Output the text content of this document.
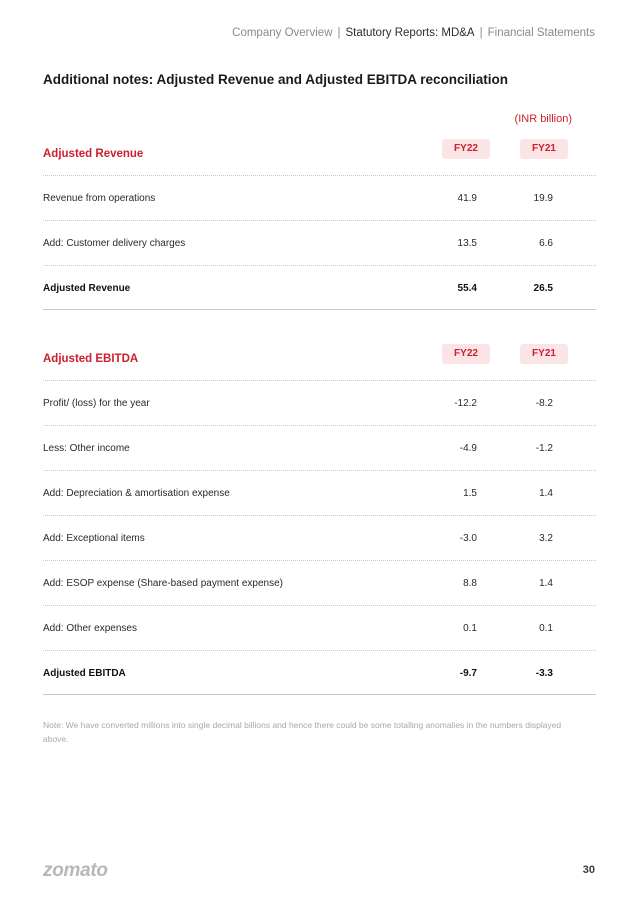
Company Overview | Statutory Reports: MD&A | Financial Statements
Additional notes: Adjusted Revenue and Adjusted EBITDA reconciliation
(INR billion)
Adjusted Revenue	FY22	FY21
Revenue from operations	41.9	19.9
Add: Customer delivery charges	13.5	6.6
Adjusted Revenue	55.4	26.5
Adjusted EBITDA	FY22	FY21
Profit/ (loss) for the year	-12.2	-8.2
Less: Other income	-4.9	-1.2
Add: Depreciation & amortisation expense	1.5	1.4
Add: Exceptional items	-3.0	3.2
Add: ESOP expense (Share-based payment expense)	8.8	1.4
Add: Other expenses	0.1	0.1
Adjusted EBITDA	-9.7	-3.3
Note: We have converted millions into single decimal billions and hence there could be some totalling anomalies in the numbers displayed above.
zomato	30
